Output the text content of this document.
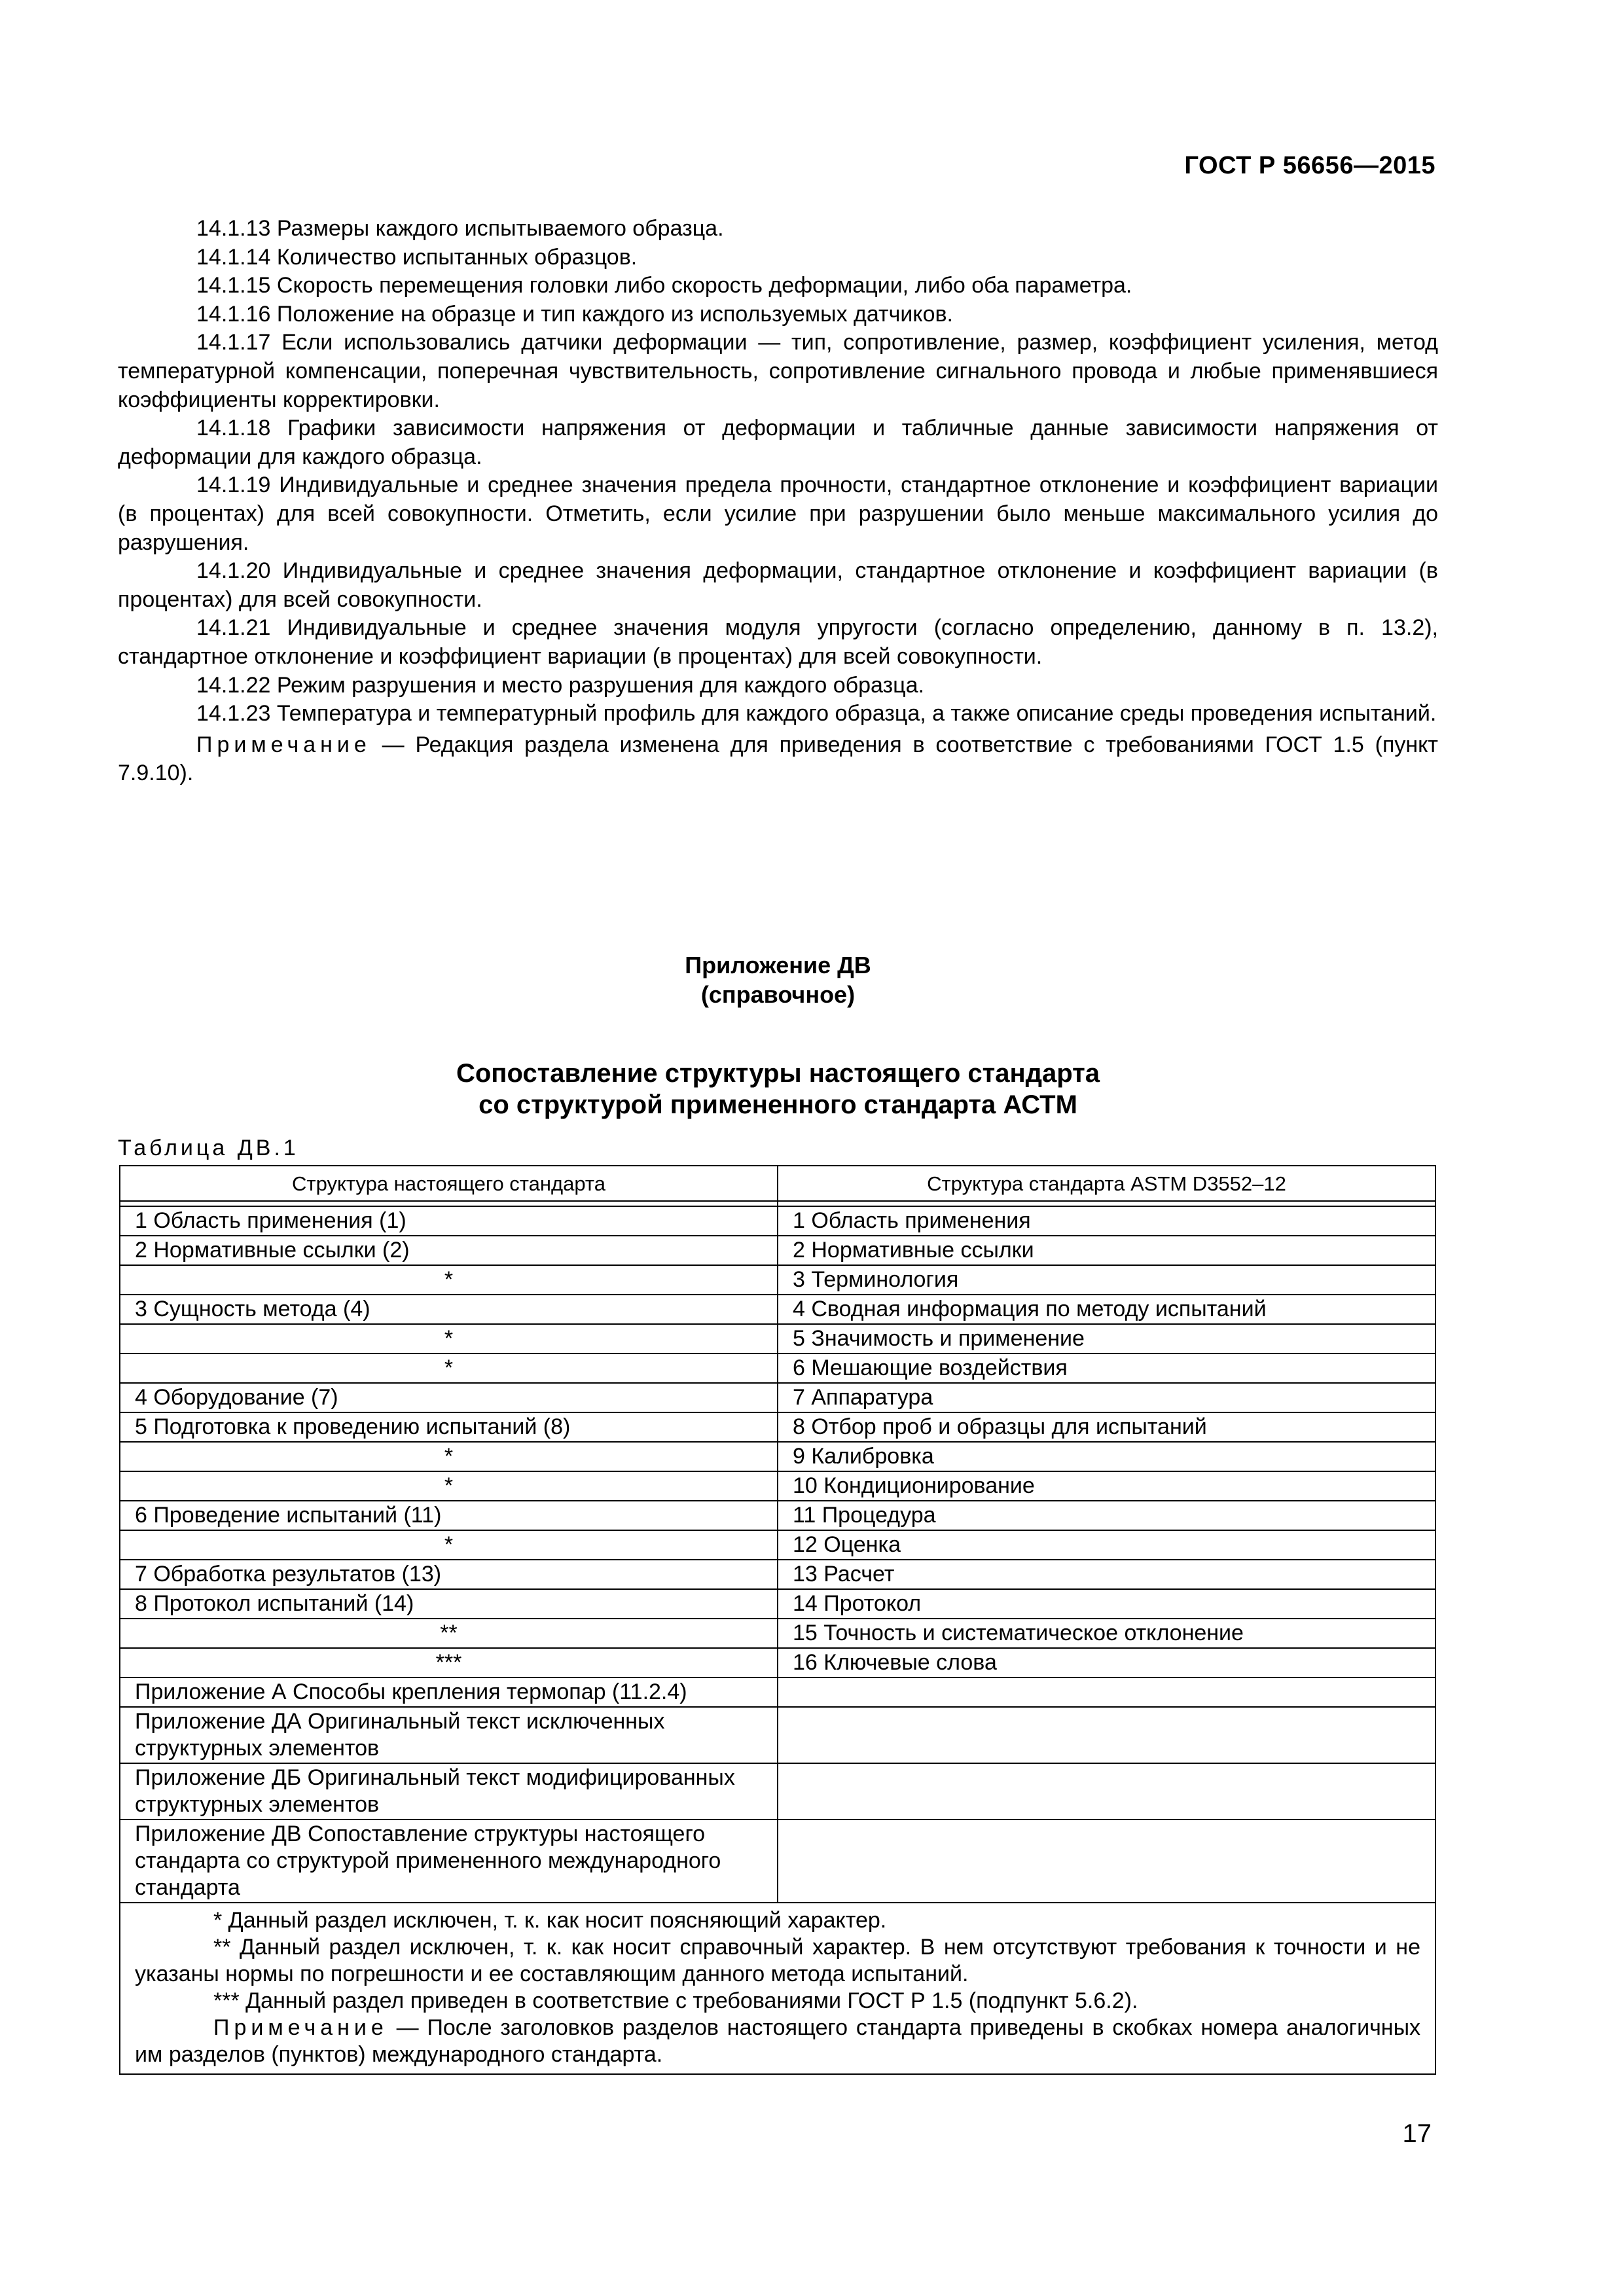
ГОСТ Р 56656—2015

14.1.13 Размеры каждого испытываемого образца.

14.1.14 Количество испытанных образцов.

14.1.15 Скорость перемещения головки либо скорость деформации, либо оба параметра.

14.1.16 Положение на образце и тип каждого из используемых датчиков.

14.1.17 Если использовались датчики деформации — тип, сопротивление, размер, коэффициент усиления, метод температурной компенсации, поперечная чувствительность, сопротивление сигнального провода и любые применявшиеся коэффициенты корректировки.

14.1.18 Графики зависимости напряжения от деформации и табличные данные зависимости напряжения от деформации для каждого образца.

14.1.19 Индивидуальные и среднее значения предела прочности, стандартное отклонение и коэффициент вариации (в процентах) для всей совокупности. Отметить, если усилие при разрушении было меньше максимального усилия до разрушения.

14.1.20 Индивидуальные и среднее значения деформации, стандартное отклонение и коэффициент вариации (в процентах) для всей совокупности.

14.1.21 Индивидуальные и среднее значения модуля упругости (согласно определению, данному в п. 13.2), стандартное отклонение и коэффициент вариации (в процентах) для всей совокупности.

14.1.22 Режим разрушения и место разрушения для каждого образца.

14.1.23 Температура и температурный профиль для каждого образца, а также описание среды проведения испытаний.

Примечание — Редакция раздела изменена для приведения в соответствие с требованиями ГОСТ 1.5 (пункт 7.9.10).

Приложение ДВ
(справочное)
Сопоставление структуры настоящего стандарта
со структурой примененного стандарта АСТМ
Таблица ДВ.1
Структура настоящего стандарта	Структура стандарта ASTM D3552–12

1 Область применения (1)	1 Область применения
2 Нормативные ссылки (2)	2 Нормативные ссылки
*	3 Терминология
3 Сущность метода (4)	4 Сводная информация по методу испытаний
*	5 Значимость и применение
*	6 Мешающие воздействия
4 Оборудование (7)	7 Аппаратура
5 Подготовка к проведению испытаний (8)	8 Отбор проб и образцы для испытаний
*	9 Калибровка
*	10 Кондиционирование
6 Проведение испытаний (11)	11 Процедура
*	12 Оценка
7 Обработка результатов (13)	13 Расчет
8 Протокол испытаний (14)	14 Протокол
**	15 Точность и систематическое отклонение
***	16 Ключевые слова
Приложение А Способы крепления термопар (11.2.4)	
Приложение ДА Оригинальный текст исключенных структурных элементов	
Приложение ДБ Оригинальный текст модифицированных структурных элементов	
Приложение ДВ Сопоставление структуры настоящего стандарта со структурой примененного международного стандарта	

* Данный раздел исключен, т. к. как носит поясняющий характер.
** Данный раздел исключен, т. к. как носит справочный характер. В нем отсутствуют требования к точности и не указаны нормы по погрешности и ее составляющим данного метода испытаний.
*** Данный раздел приведен в соответствие с требованиями ГОСТ Р 1.5 (подпункт 5.6.2).
Примечание — После заголовков разделов настоящего стандарта приведены в скобках номера аналогичных им разделов (пунктов) международного стандарта.	
17
